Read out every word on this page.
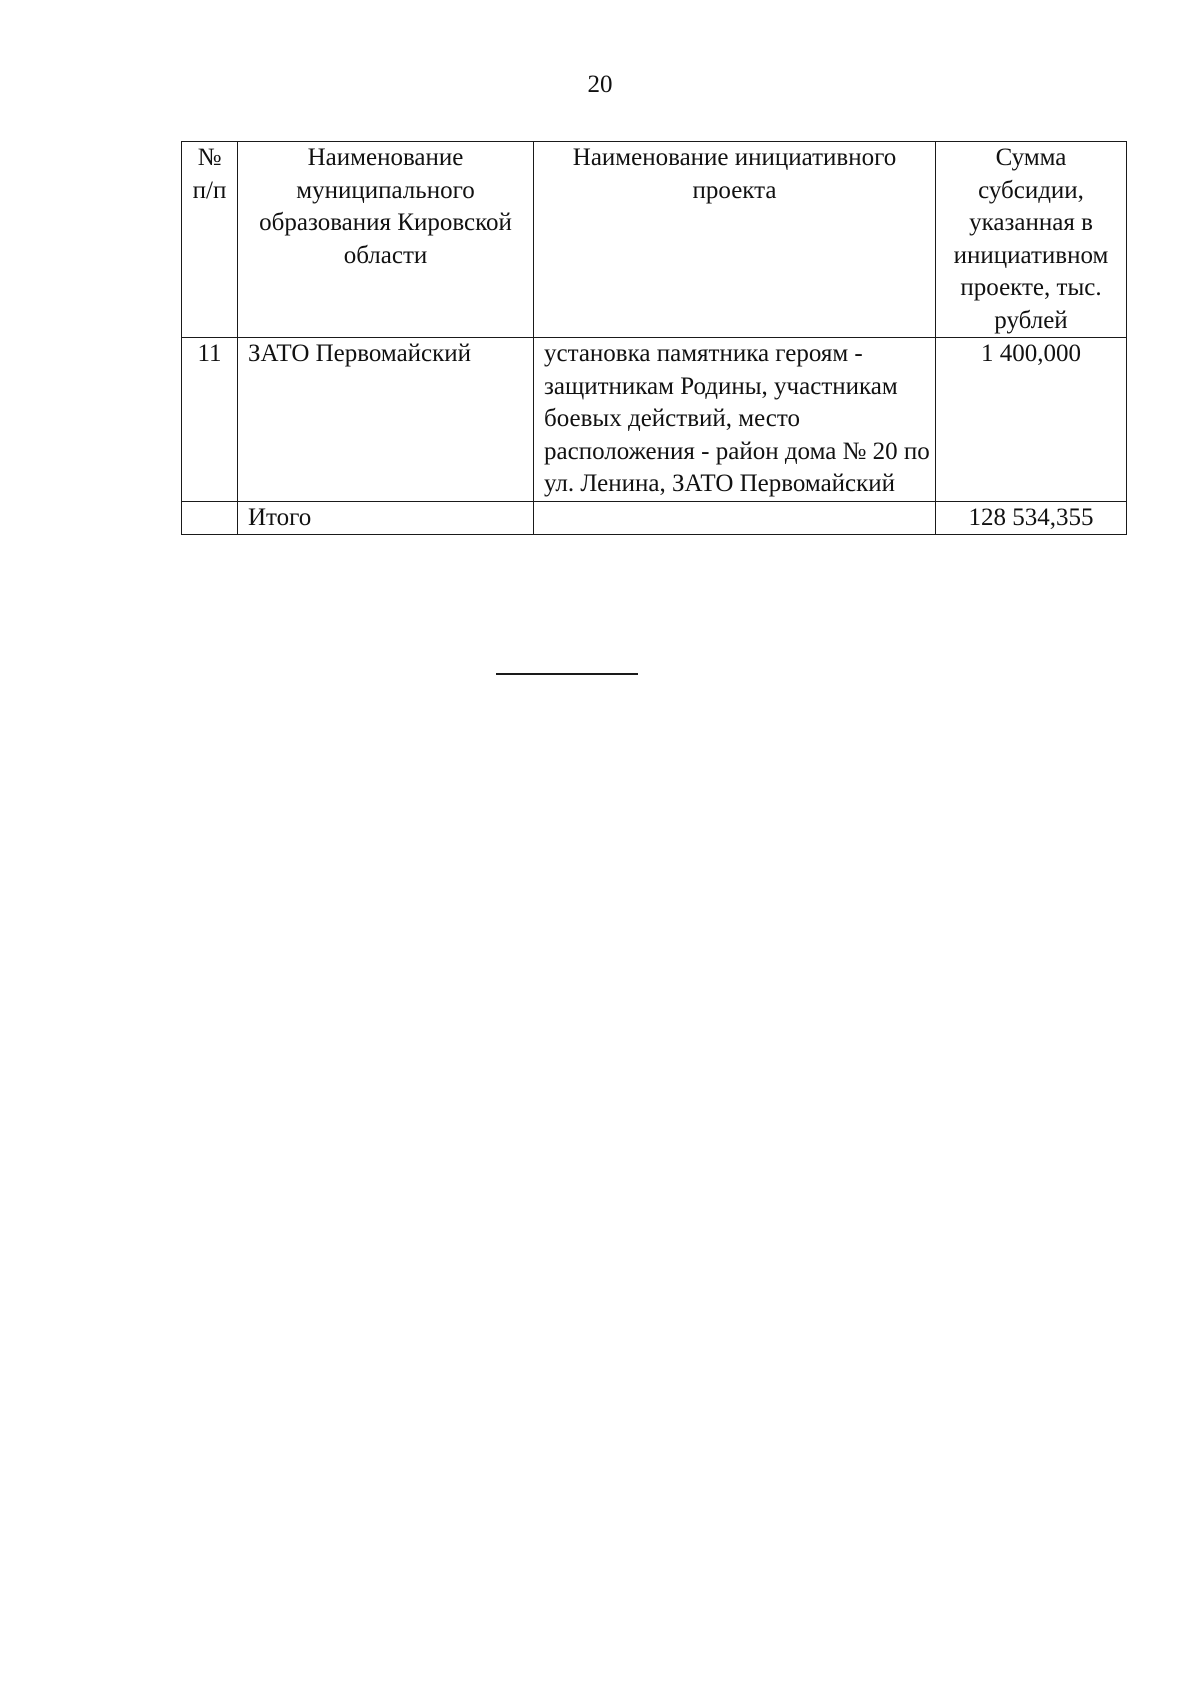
20
№ п/п	Наименование муниципального образования Кировской области	Наименование инициативного проекта	Сумма субсидии, указанная в инициативном проекте, тыс. рублей
11	ЗАТО Первомайский	установка памятника героям - защитникам Родины, участникам боевых действий, место расположения - район дома № 20 по ул. Ленина, ЗАТО Первомайский	1 400,000
	Итого		128 534,355
